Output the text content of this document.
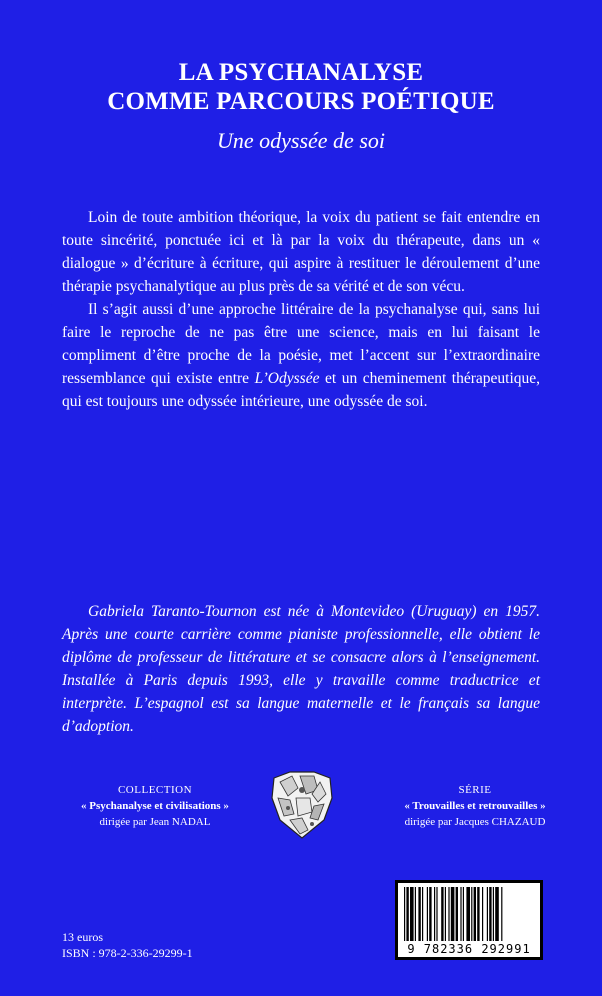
LA PSYCHANALYSE
COMME PARCOURS POÉTIQUE
Une odyssée de soi

Loin de toute ambition théorique, la voix du patient se fait entendre en toute sincérité, ponctuée ici et là par la voix du thérapeute, dans un « dialogue » d’écriture à écriture, qui aspire à restituer le déroulement d’une thérapie psychanalytique au plus près de sa vérité et de son vécu.

Il s’agit aussi d’une approche littéraire de la psychanalyse qui, sans lui faire le reproche de ne pas être une science, mais en lui faisant le compliment d’être proche de la poésie, met l’accent sur l’extraordinaire ressemblance qui existe entre L’Odyssée et un cheminement thérapeutique, qui est toujours une odyssée intérieure, une odyssée de soi.

Gabriela Taranto-Tournon est née à Montevideo (Uruguay) en 1957. Après une courte carrière comme pianiste professionnelle, elle obtient le diplôme de professeur de littérature et se consacre alors à l’enseignement. Installée à Paris depuis 1993, elle y travaille comme traductrice et interprète. L’espagnol est sa langue maternelle et le français sa langue d’adoption.
COLLECTION
« Psychanalyse et civilisations »
dirigée par Jean NADAL
SÉRIE
« Trouvailles et retrouvailles »
dirigée par Jacques CHAZAUD
13 euros
ISBN : 978-2-336-29299-1	9 782336 292991
